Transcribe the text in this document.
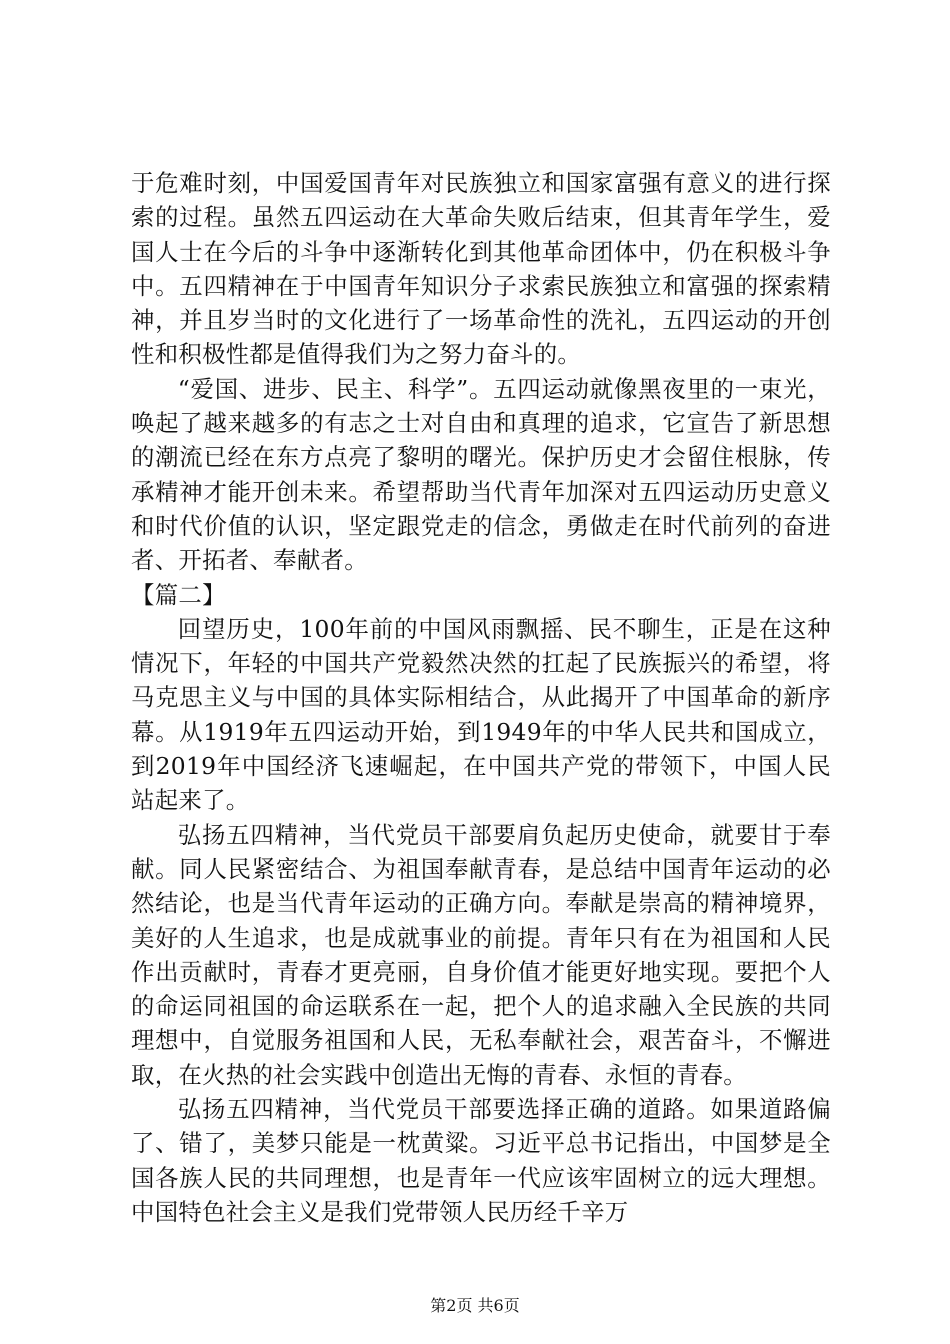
于危难时刻，中国爱国青年对民族独立和国家富强有意义的进行探索的过程。虽然五四运动在大革命失败后结束，但其青年学生，爱国人士在今后的斗争中逐渐转化到其他革命团体中，仍在积极斗争中。五四精神在于中国青年知识分子求索民族独立和富强的探索精神，并且岁当时的文化进行了一场革命性的洗礼，五四运动的开创性和积极性都是值得我们为之努力奋斗的。

“爱国、进步、民主、科学”。五四运动就像黑夜里的一束光，唤起了越来越多的有志之士对自由和真理的追求，它宣告了新思想的潮流已经在东方点亮了黎明的曙光。保护历史才会留住根脉，传承精神才能开创未来。希望帮助当代青年加深对五四运动历史意义和时代价值的认识，坚定跟党走的信念，勇做走在时代前列的奋进者、开拓者、奉献者。

【篇二】

回望历史，100年前的中国风雨飘摇、民不聊生，正是在这种情况下，年轻的中国共产党毅然决然的扛起了民族振兴的希望，将马克思主义与中国的具体实际相结合，从此揭开了中国革命的新序幕。从1919年五四运动开始，到1949年的中华人民共和国成立，到2019年中国经济飞速崛起，在中国共产党的带领下，中国人民站起来了。

弘扬五四精神，当代党员干部要肩负起历史使命，就要甘于奉献。同人民紧密结合、为祖国奉献青春，是总结中国青年运动的必然结论，也是当代青年运动的正确方向。奉献是崇高的精神境界，美好的人生追求，也是成就事业的前提。青年只有在为祖国和人民作出贡献时，青春才更亮丽，自身价值才能更好地实现。要把个人的命运同祖国的命运联系在一起，把个人的追求融入全民族的共同理想中，自觉服务祖国和人民，无私奉献社会，艰苦奋斗，不懈进取，在火热的社会实践中创造出无悔的青春、永恒的青春。

弘扬五四精神，当代党员干部要选择正确的道路。如果道路偏了、错了，美梦只能是一枕黄粱。习近平总书记指出，中国梦是全国各族人民的共同理想，也是青年一代应该牢固树立的远大理想。中国特色社会主义是我们党带领人民历经千辛万

第2页 共6页
